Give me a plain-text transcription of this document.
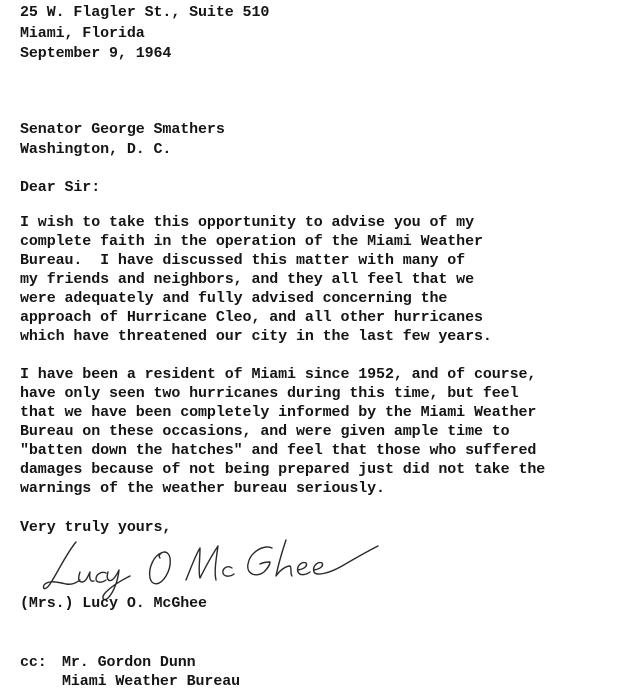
25 W. Flagler St., Suite 510
Miami, Florida
September 9, 1964
Senator George Smathers
Washington, D. C.
Dear Sir:
I wish to take this opportunity to advise you of my
complete faith in the operation of the Miami Weather
Bureau.  I have discussed this matter with many of
my friends and neighbors, and they all feel that we
were adequately and fully advised concerning the
approach of Hurricane Cleo, and all other hurricanes
which have threatened our city in the last few years.
I have been a resident of Miami since 1952, and of course,
have only seen two hurricanes during this time, but feel
that we have been completely informed by the Miami Weather
Bureau on these occasions, and were given ample time to
"batten down the hatches" and feel that those who suffered
damages because of not being prepared just did not take the
warnings of the weather bureau seriously.
Very truly yours,
(Mrs.) Lucy O. McGhee
cc: Mr. Gordon Dunn
Miami Weather Bureau
